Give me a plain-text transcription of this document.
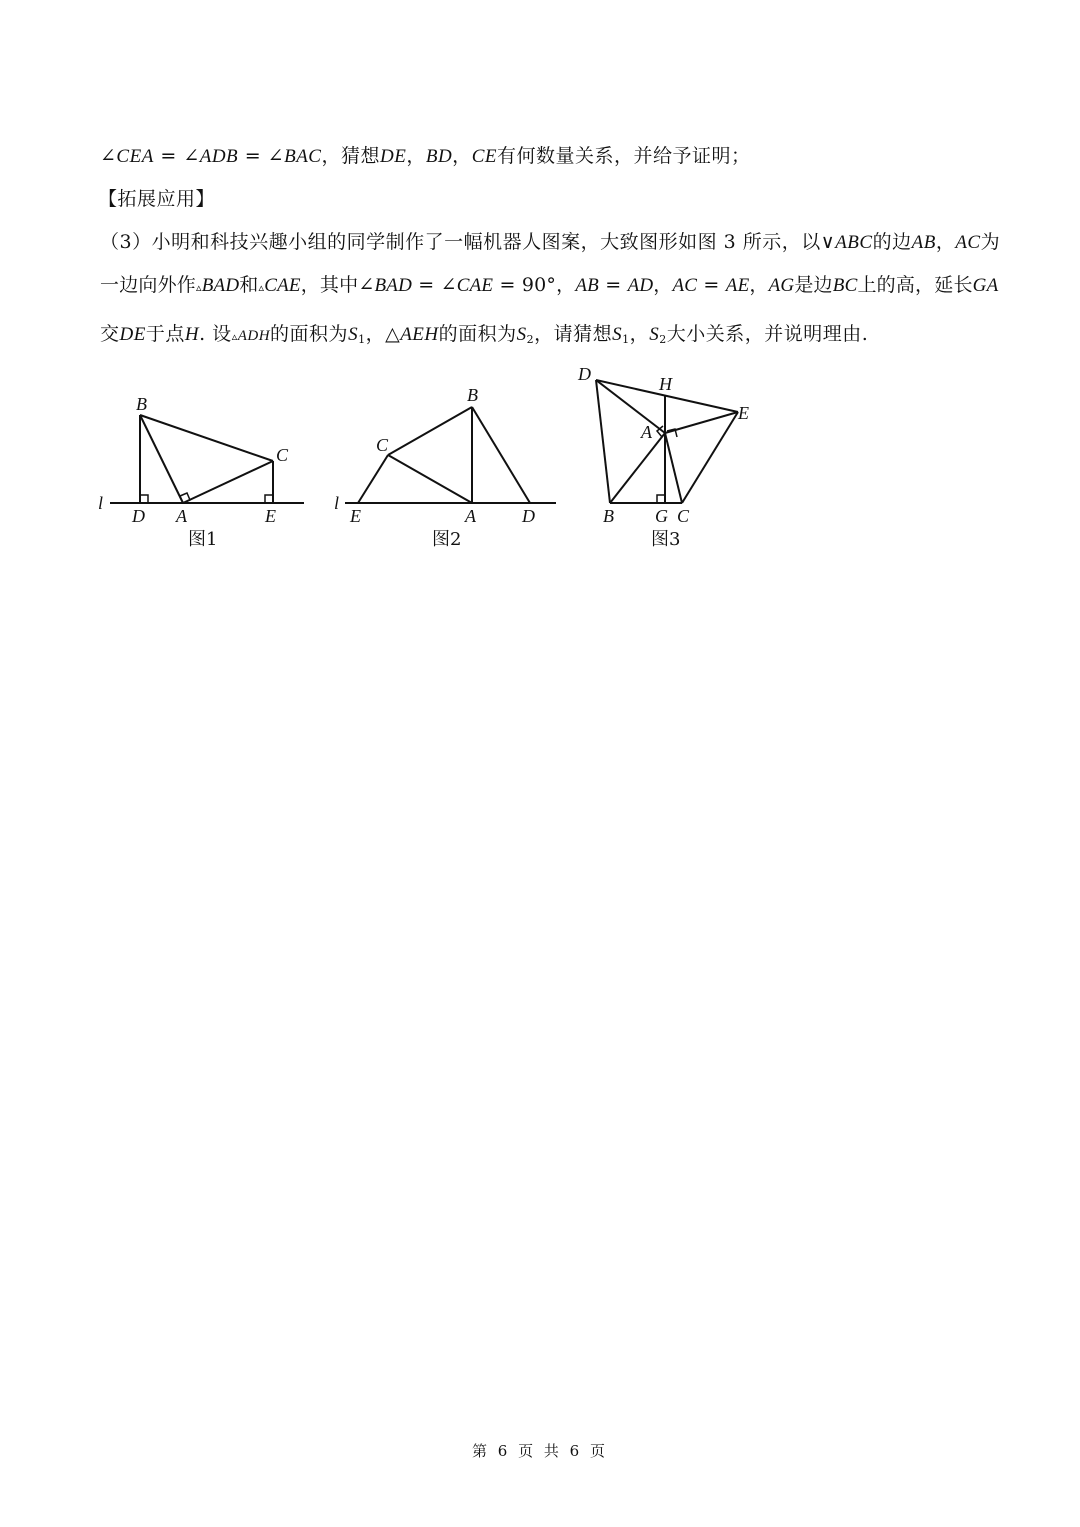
∠CEA = ∠ADB = ∠BAC，猜想DE，BD，CE有何数量关系，并给予证明；
【拓展应用】
（3）小明和科技兴趣小组的同学制作了一幅机器人图案，大致图形如图 3 所示，以∨ABC的边AB，AC为
一边向外作▵BAD和▵CAE，其中∠BAD = ∠CAE = 90°，AB = AD，AC = AE，AG是边BC上的高，延长GA
交DE于点H. 设▵ADH的面积为$S_1$，△AEH的面积为$S_2$，请猜想$S_1$，$S_2$大小关系，并说明理由.
B
C
l
D A	E
图1
B
C
l
E	A	D
图2
D	H
E
A
B G C
图3
第 6 页 共 6 页
